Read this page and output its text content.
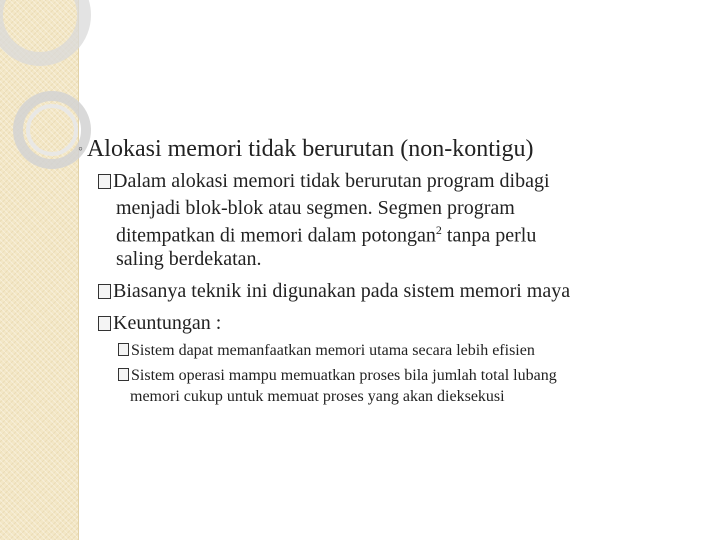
◦ Alokasi memori tidak berurutan (non-kontigu)
Dalam alokasi memori tidak berurutan program dibagi
menjadi blok-blok atau segmen. Segmen program
ditempatkan di memori dalam potongan$^2$ tanpa perlu
saling berdekatan.
Biasanya teknik ini digunakan pada sistem memori maya
Keuntungan :
Sistem dapat memanfaatkan memori utama secara lebih efisien
Sistem operasi mampu memuatkan proses bila jumlah total lubang
memori cukup untuk memuat proses yang akan dieksekusi
